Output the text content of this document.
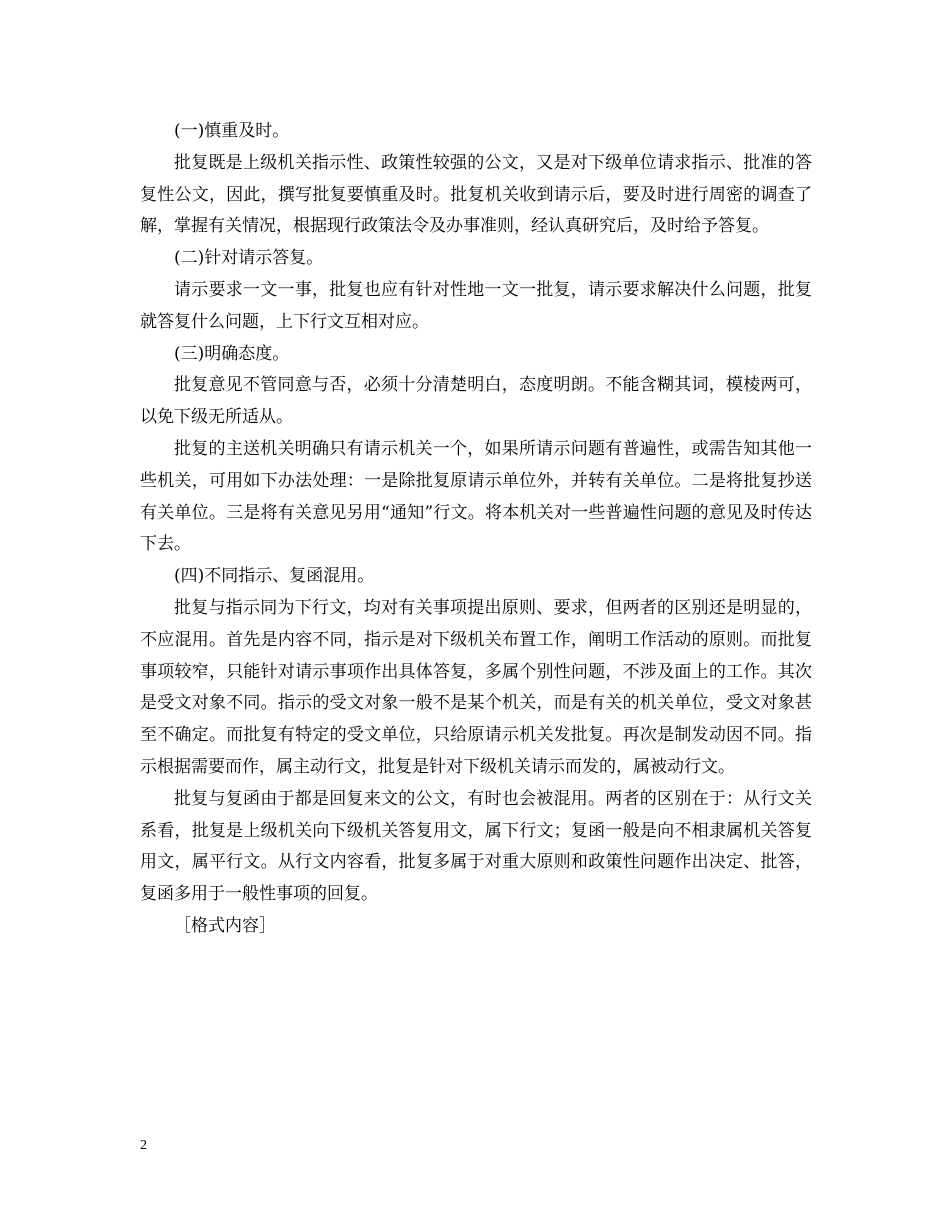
(一)慎重及时。

批复既是上级机关指示性、政策性较强的公文，又是对下级单位请求指示、批准的答复性公文，因此，撰写批复要慎重及时。批复机关收到请示后，要及时进行周密的调查了解，掌握有关情况，根据现行政策法令及办事准则，经认真研究后，及时给予答复。

(二)针对请示答复。

请示要求一文一事，批复也应有针对性地一文一批复，请示要求解决什么问题，批复就答复什么问题，上下行文互相对应。

(三)明确态度。

批复意见不管同意与否，必须十分清楚明白，态度明朗。不能含糊其词，模棱两可，以免下级无所适从。

批复的主送机关明确只有请示机关一个，如果所请示问题有普遍性，或需告知其他一些机关，可用如下办法处理：一是除批复原请示单位外，并转有关单位。二是将批复抄送有关单位。三是将有关意见另用“通知”行文。将本机关对一些普遍性问题的意见及时传达下去。

(四)不同指示、复函混用。

批复与指示同为下行文，均对有关事项提出原则、要求，但两者的区别还是明显的，不应混用。首先是内容不同，指示是对下级机关布置工作，阐明工作活动的原则。而批复事项较窄，只能针对请示事项作出具体答复，多属个别性问题，不涉及面上的工作。其次是受文对象不同。指示的受文对象一般不是某个机关，而是有关的机关单位，受文对象甚至不确定。而批复有特定的受文单位，只给原请示机关发批复。再次是制发动因不同。指示根据需要而作，属主动行文，批复是针对下级机关请示而发的，属被动行文。

批复与复函由于都是回复来文的公文，有时也会被混用。两者的区别在于：从行文关系看，批复是上级机关向下级机关答复用文，属下行文；复函一般是向不相隶属机关答复用文，属平行文。从行文内容看，批复多属于对重大原则和政策性问题作出决定、批答，复函多用于一般性事项的回复。

［格式内容］

2
